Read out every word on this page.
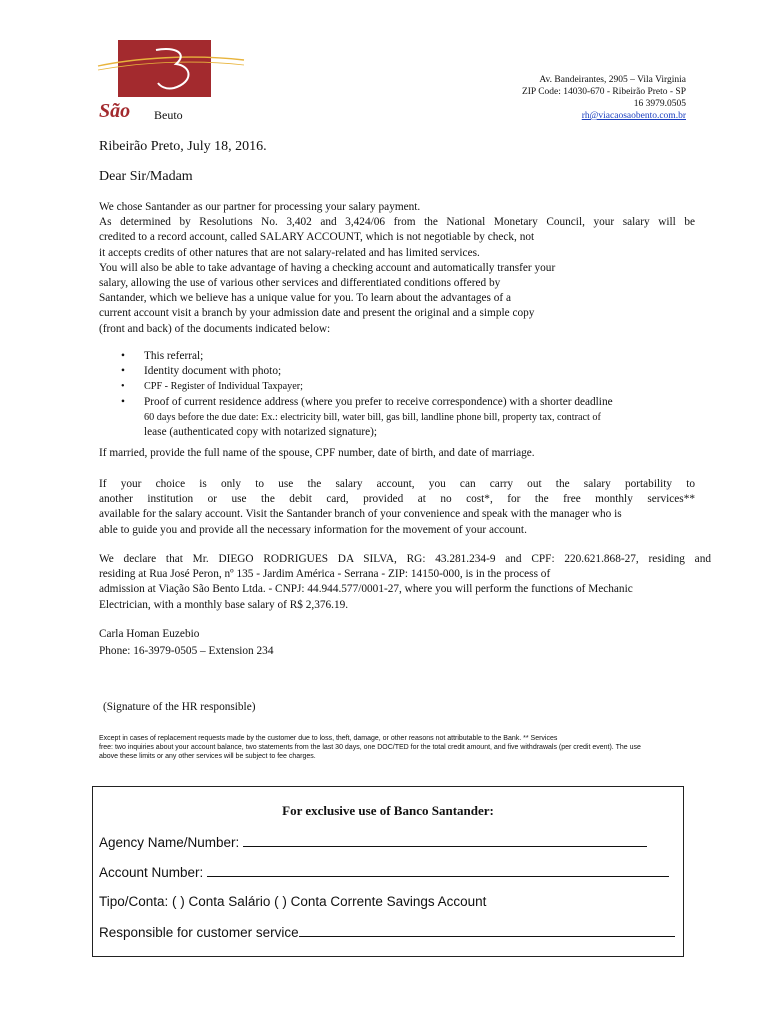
São Beuto
Av. Bandeirantes, 2905 – Vila Virginia
ZIP Code: 14030-670 - Ribeirão Preto - SP
16 3979.0505
rh@viacaosaobento.com.br
Ribeirão Preto, July 18, 2016.
Dear Sir/Madam
We chose Santander as our partner for processing your salary payment.
As determined by Resolutions No. 3,402 and 3,424/06 from the National Monetary Council, your salary will be
credited to a record account, called SALARY ACCOUNT, which is not negotiable by check, not
it accepts credits of other natures that are not salary-related and has limited services.
You will also be able to take advantage of having a checking account and automatically transfer your
salary, allowing the use of various other services and differentiated conditions offered by
Santander, which we believe has a unique value for you. To learn about the advantages of a
current account visit a branch by your admission date and present the original and a simple copy
(front and back) of the documents indicated below:
• This referral;
• Identity document with photo;
• CPF - Register of Individual Taxpayer;
• Proof of current residence address (where you prefer to receive correspondence) with a shorter deadline
60 days before the due date: Ex.: electricity bill, water bill, gas bill, landline phone bill, property tax, contract of
lease (authenticated copy with notarized signature);
If married, provide the full name of the spouse, CPF number, date of birth, and date of marriage.
If your choice is only to use the salary account, you can carry out the salary portability to
another institution or use the debit card, provided at no cost*, for the free monthly services**
available for the salary account. Visit the Santander branch of your convenience and speak with the manager who is
able to guide you and provide all the necessary information for the movement of your account.
We declare that Mr. DIEGO RODRIGUES DA SILVA, RG: 43.281.234-9 and CPF: 220.621.868-27, residing and
residing at Rua José Peron, nº 135 - Jardim América - Serrana - ZIP: 14150-000, is in the process of
admission at Viação São Bento Ltda. - CNPJ: 44.944.577/0001-27, where you will perform the functions of Mechanic
Electrician, with a monthly base salary of R$ 2,376.19.
Carla Homan Euzebio
Phone: 16-3979-0505 – Extension 234
(Signature of the HR responsible)
Except in cases of replacement requests made by the customer due to loss, theft, damage, or other reasons not attributable to the Bank. ** Services
free: two inquiries about your account balance, two statements from the last 30 days, one DOC/TED for the total credit amount, and five withdrawals (per credit event). The use
above these limits or any other services will be subject to fee charges.
For exclusive use of Banco Santander:
Agency Name/Number:
Account Number:
Tipo/Conta: ( ) Conta Salário ( ) Conta Corrente Savings Account
Responsible for customer service
